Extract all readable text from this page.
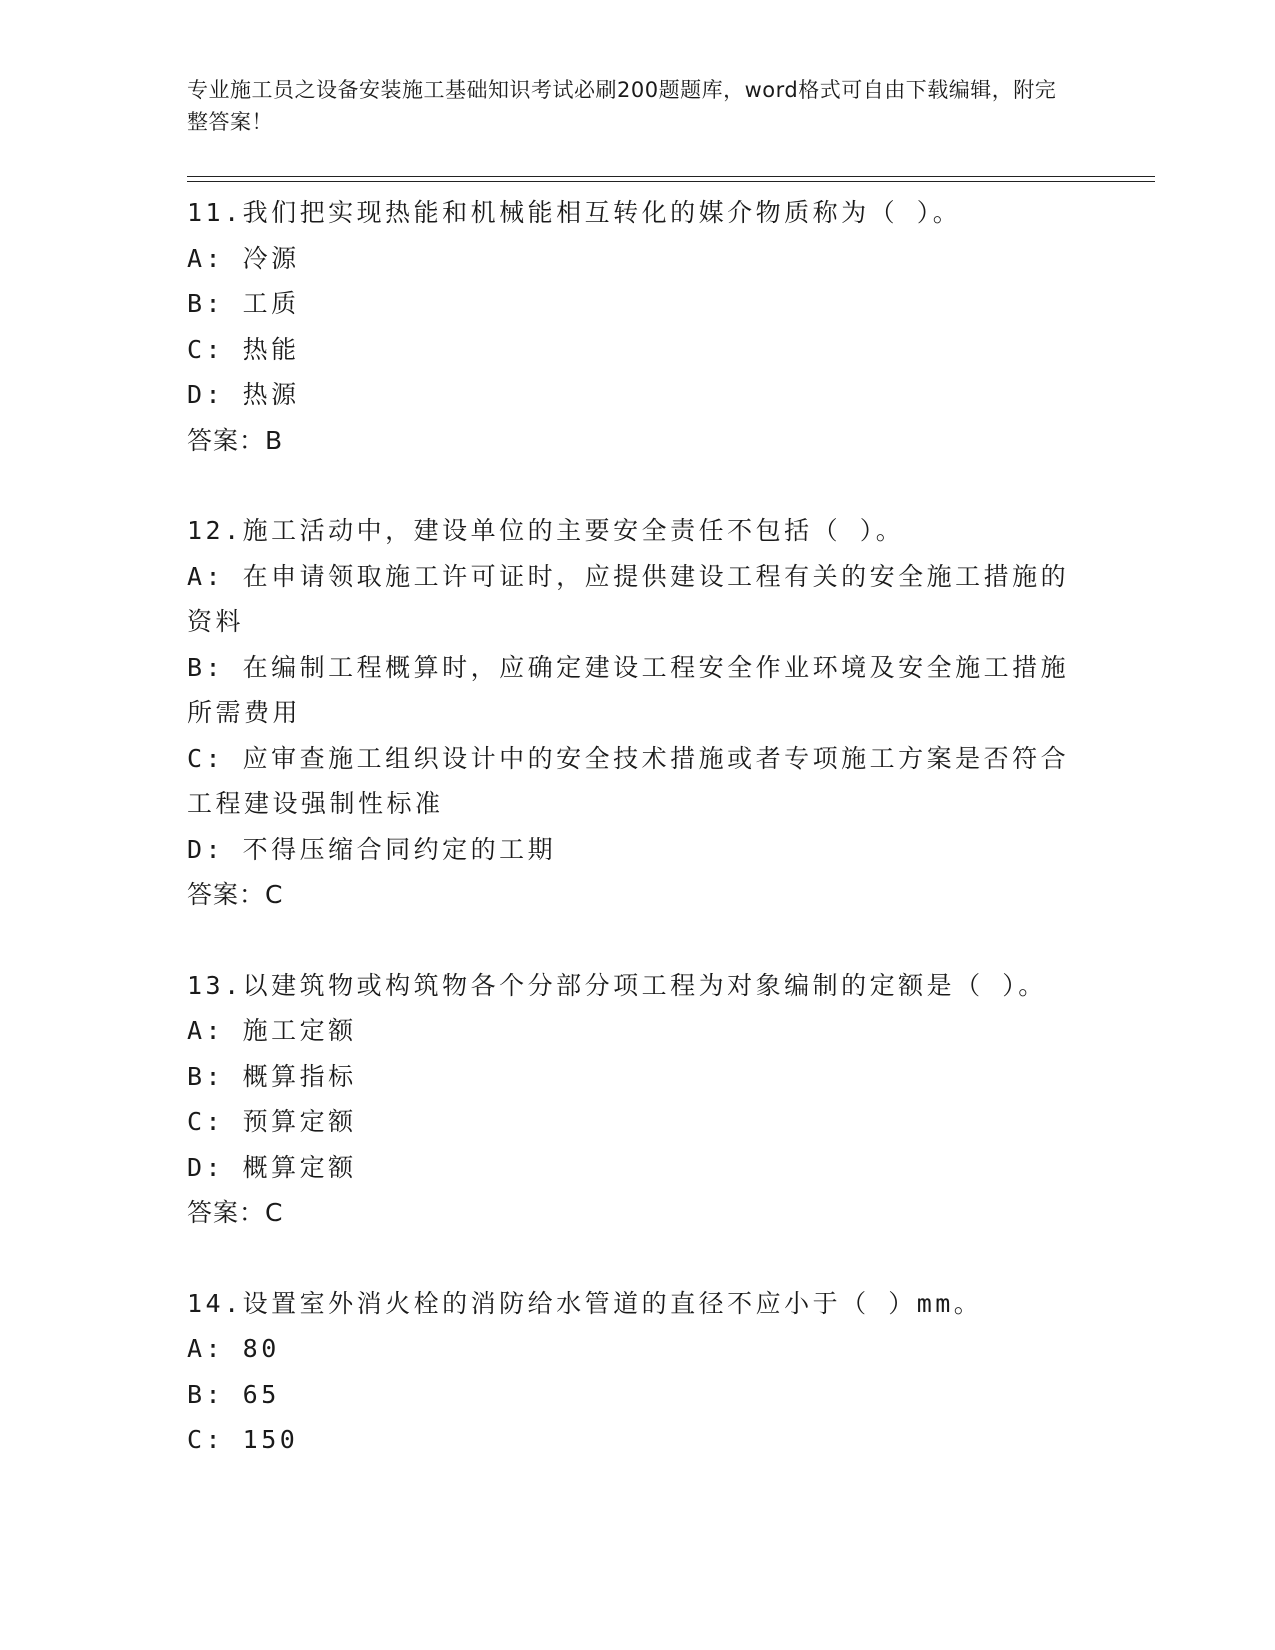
专业施工员之设备安装施工基础知识考试必刷200题题库，word格式可自由下载编辑，附完整答案！

11.我们把实现热能和机械能相互转化的媒介物质称为（ ）。

A: 冷源

B: 工质

C: 热能

D: 热源

答案：B

12.施工活动中，建设单位的主要安全责任不包括（ ）。

A: 在申请领取施工许可证时，应提供建设工程有关的安全施工措施的资料

B: 在编制工程概算时，应确定建设工程安全作业环境及安全施工措施所需费用

C: 应审查施工组织设计中的安全技术措施或者专项施工方案是否符合工程建设强制性标准

D: 不得压缩合同约定的工期

答案：C

13.以建筑物或构筑物各个分部分项工程为对象编制的定额是（ ）。

A: 施工定额

B: 概算指标

C: 预算定额

D: 概算定额

答案：C

14.设置室外消火栓的消防给水管道的直径不应小于（ ）mm。

A: 80

B: 65

C: 150
